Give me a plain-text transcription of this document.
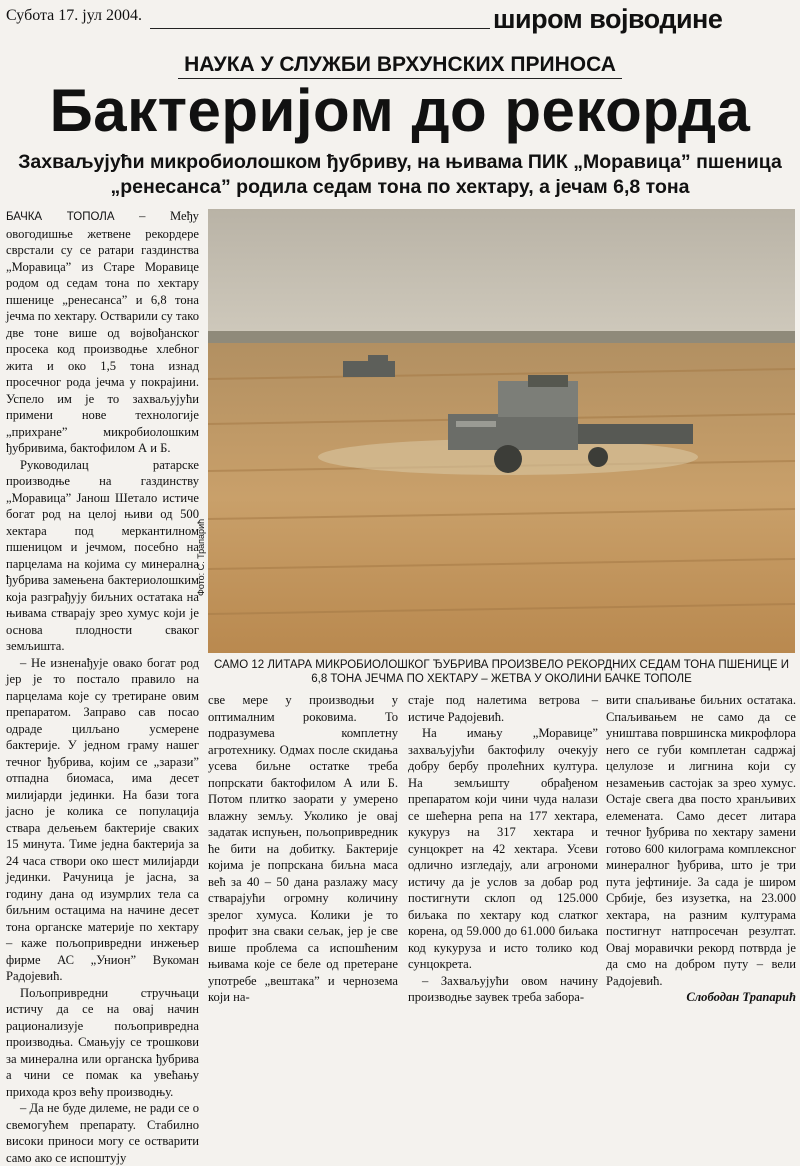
Субота 17. јул 2004.	широм војводине
НАУКА У СЛУЖБИ ВРХУНСКИХ ПРИНОСА
Бактеријом до рекорда
Захваљујући микробиолошком ђубриву, на њивама ПИК „Моравица” пшеница „ренесанса” родила седам тона по хектару, а јечам 6,8 тона

БАЧКА ТОПОЛА – Међу овогодишње жетвене рекордере сврстали су се ратари газдинства „Моравица” из Старе Моравице родом од седам тона по хектару пшенице „ренесанса” и 6,8 тона јечма по хектару. Остварили су тако две тоне више од војвођанског просека код производње хлебног жита и око 1,5 тона изнад просечног рода јечма у покрајини. Успело им је то захваљујући примени нове технологије „прихране” микробиолошким ђубривима, бактофилом А и Б.

Руководилац ратарске производње на газдинству „Моравица” Јанош Шетало истиче богат род на целој њиви од 500 хектара под меркантилном пшеницом и јечмом, посебно на парцелама на којима су минерална ђубрива замењена бактериолошким која разграђују биљних остатака на њивама стварају зрео хумус који је основа плодности сваког земљишта.

– Не изненађује овако богат род јер је то постало правило на парцелама које су третиране овим препаратом. Заправо сав посао одраде цилљано усмерене бактерије. У једном граму нашег течног ђубрива, којим се „зарази” отпадна биомаса, има десет милијарди јединки. На бази тога јасно је колика се популација ствара дељењем бактерије сваких 15 минута. Тиме једна бактерија за 24 часа створи око шест милијарди јединки. Рачуница је јасна, за годину дана од изумрлих тела са биљним остацима на начине десет тона органске материје по хектару – каже пољопривредни инжењер фирме АС „Унион” Вукоман Радојевић.

Пољопривредни стручњаци истичу да се на овај начин рационализује пољопривредна производња. Смањују се трошкови за минерална или органска ђубрива а чини се помак ка увећању прихода кроз већу производњу.

– Да не буде дилеме, не ради се о свемогућем препарату. Стабилно високи приноси могу се остварити само ако се испоштују

Фото: С. Трапарић
САМО 12 ЛИТАРА МИКРОБИОЛОШКОГ ЂУБРИВА ПРОИЗВЕЛО РЕКОРДНИХ СЕДАМ ТОНА ПШЕНИЦЕ И 6,8 ТОНА ЈЕЧМА ПО ХЕКТАРУ – ЖЕТВА У ОКОЛИНИ БАЧКЕ ТОПОЛЕ

све мере у производњи у оптималним роковима. То подразумева комплетну агротехнику. Одмах после скидања усева биљне остатке треба попрскати бактофилом А или Б. Потом плитко заорати у умерено влажну земљу. Уколико је овај задатак испуњен, пољопривредник ће бити на добитку. Бактерије којима је попрскана биљна маса већ за 40 – 50 дана разлажу масу стварајући огромну количину зрелог хумуса. Колики је то профит зна сваки сељак, јер је све више проблема са испошћеним њивама које се беле од претеране употребе „вештака” и чернозема који на-

стаје под налетима ветрова – истиче Радојевић.

На имању „Моравице” захваљујући бактофилу очекују добру бербу пролећних култура. На земљишту обрађеном препаратом који чини чуда налази се шећерна репа на 177 хектара, кукуруз на 317 хектара и сунцокрет на 42 хектара. Усеви одлично изгледају, али агрономи истичу да је услов за добар род постигнути склоп од 125.000 биљака по хектару код слатког корена, од 59.000 до 61.000 биљака код кукуруза и исто толико код сунцокрета.

– Захваљујући овом начину производње заувек треба забора-

вити спаљивање биљних остатака. Спаљивањем не само да се уништава површинска микрофлора него се губи комплетан садржај целулозе и лигнина који су незамењив састојак за зрео хумус. Остаје свега два посто хранљивих елемената. Само десет литара течног ђубрива по хектару замени готово 600 килограма комплексног минералног ђубрива, што је три пута јефтиније. За сада је широм Србије, без изузетка, на 23.000 хектара, на разним културама постигнут натпросечан резултат. Овај моравички рекорд потврда је да смо на добром путу – вели Радојевић.

Слободан Трапарић
